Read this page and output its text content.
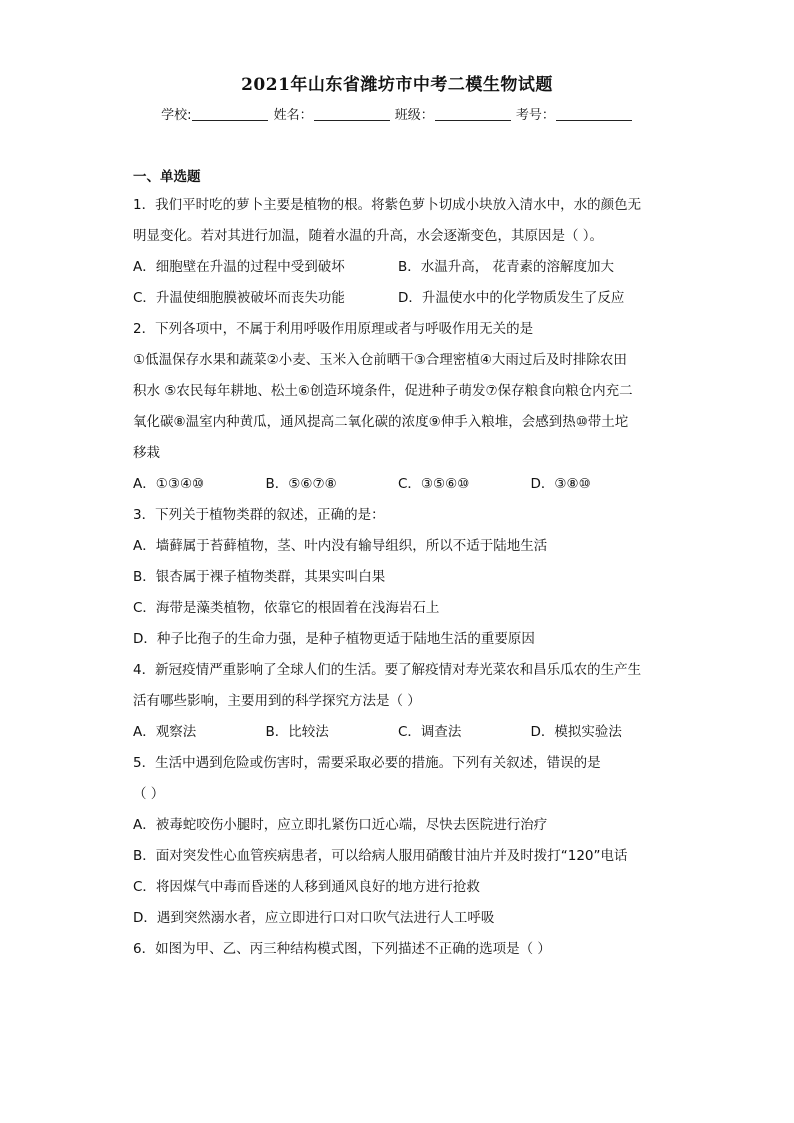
2021年山东省潍坊市中考二模生物试题
学校:	姓名：	班级：	考号：
一、单选题
1．我们平时吃的萝卜主要是植物的根。将紫色萝卜切成小块放入清水中，水的颜色无
明显变化。若对其进行加温，随着水温的升高，水会逐渐变色，其原因是（ ）。
A．细胞壁在升温的过程中受到破坏	B．水温升高， 花青素的溶解度加大
C．升温使细胞膜被破坏而丧失功能	D．升温使水中的化学物质发生了反应
2．下列各项中，不属于利用呼吸作用原理或者与呼吸作用无关的是
①低温保存水果和蔬菜②小麦、玉米入仓前晒干③合理密植④大雨过后及时排除农田
积水 ⑤农民每年耕地、松土⑥创造环境条件，促进种子萌发⑦保存粮食向粮仓内充二
氧化碳⑧温室内种黄瓜，通风提高二氧化碳的浓度⑨伸手入粮堆，会感到热⑩带土坨
移栽
A．①③④⑩	B．⑤⑥⑦⑧	C．③⑤⑥⑩	D．③⑧⑩
3．下列关于植物类群的叙述，正确的是：
A．墙藓属于苔藓植物，茎、叶内没有输导组织，所以不适于陆地生活
B．银杏属于裸子植物类群，其果实叫白果
C．海带是藻类植物，依靠它的根固着在浅海岩石上
D．种子比孢子的生命力强，是种子植物更适于陆地生活的重要原因
4．新冠疫情严重影响了全球人们的生活。要了解疫情对寿光菜农和昌乐瓜农的生产生
活有哪些影响，主要用到的科学探究方法是（ ）
A．观察法	B．比较法	C．调查法	D．模拟实验法
5．生活中遇到危险或伤害时，需要采取必要的措施。下列有关叙述，错误的是
（ ）
A．被毒蛇咬伤小腿时，应立即扎紧伤口近心端，尽快去医院进行治疗
B．面对突发性心血管疾病患者，可以给病人服用硝酸甘油片并及时拨打“120”电话
C．将因煤气中毒而昏迷的人移到通风良好的地方进行抢救
D．遇到突然溺水者，应立即进行口对口吹气法进行人工呼吸
6．如图为甲、乙、丙三种结构模式图，下列描述不正确的选项是（ ）
